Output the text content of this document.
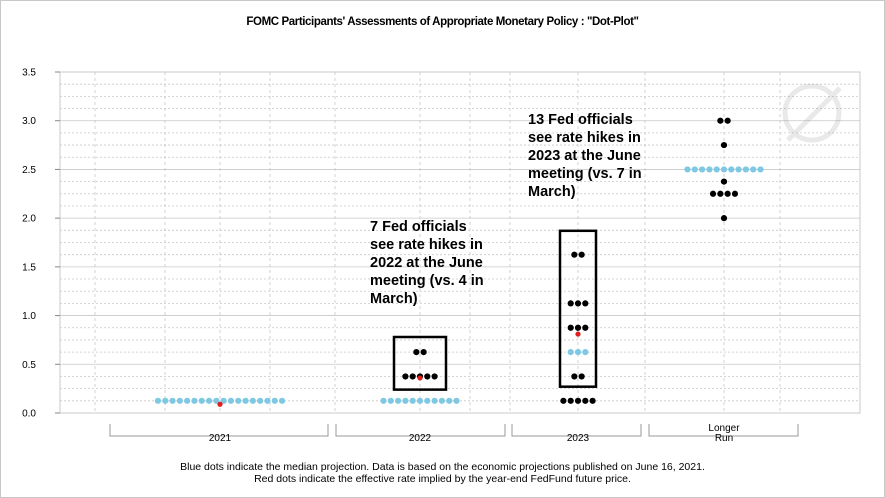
FOMC Participants' Assessments of Appropriate Monetary Policy : "Dot-Plot"
0.0
0.5
1.0
1.5
2.0
2.5
3.0
3.5
2021	2022	2023
Longer
Run
7 Fed officials
see rate hikes in
2022 at the June
meeting (vs. 4 in
March)
13 Fed officials
see rate hikes in
2023 at the June
meeting (vs. 7 in
March)
Blue dots indicate the median projection. Data is based on the economic projections published on June 16, 2021.
Red dots indicate the effective rate implied by the year-end FedFund future price.
